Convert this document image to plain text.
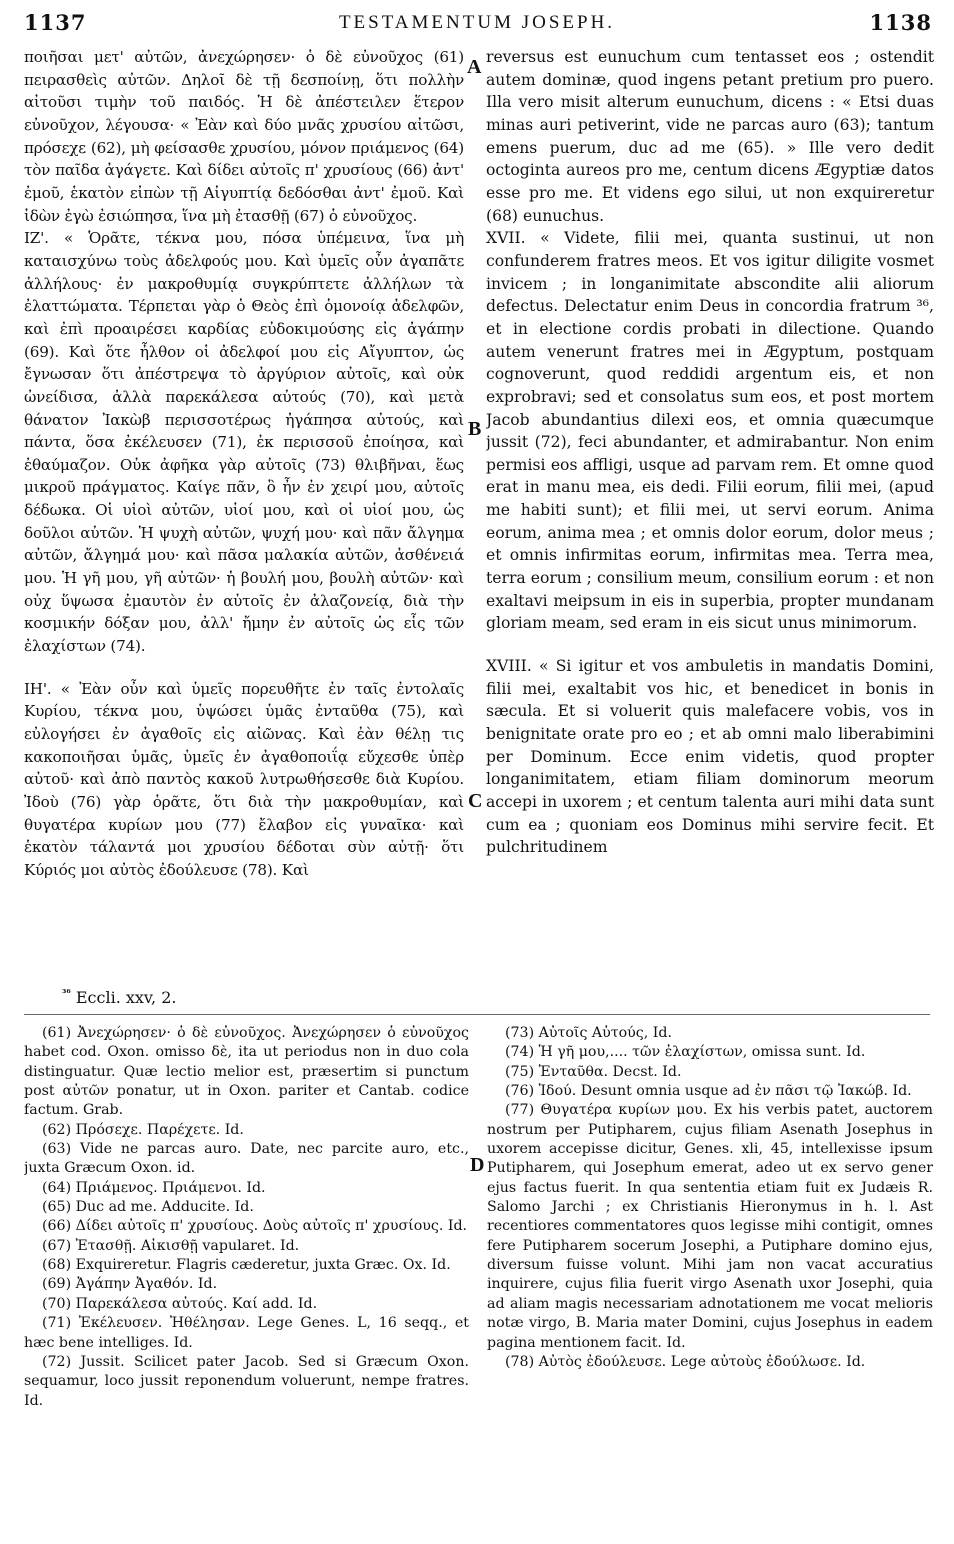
1137	TESTAMENTUM JOSEPH.	1138

ποιῆσαι μετ' αὐτῶν, ἀνεχώρησεν· ὁ δὲ εὐνοῦχος (61) πειρασθεὶς αὐτῶν. Δηλοῖ δὲ τῇ δεσποίνῃ, ὅτι πολλὴν αἰτοῦσι τιμὴν τοῦ παιδός. Ἡ δὲ ἀπέστειλεν ἕτερον εὐνοῦχον, λέγουσα· « Ἐὰν καὶ δύο μνᾶς χρυσίου αἰτῶσι, πρόσεχε (62), μὴ φείσασθε χρυσίου, μόνον πριάμενος (64) τὸν παῖδα ἀγάγετε. Καὶ δίδει αὐτοῖς π' χρυσίους (66) ἀντ' ἐμοῦ, ἑκατὸν εἰπὼν τῇ Αἰγυπτίᾳ δεδόσθαι ἀντ' ἐμοῦ. Καὶ ἰδὼν ἐγὼ ἐσιώπησα, ἵνα μὴ ἐτασθῇ (67) ὁ εὐνοῦχος.

ΙΖ'. « Ὁρᾶτε, τέκνα μου, πόσα ὑπέμεινα, ἵνα μὴ καταισχύνω τοὺς ἀδελφούς μου. Καὶ ὑμεῖς οὖν ἀγαπᾶτε ἀλλήλους· ἐν μακροθυμίᾳ συγκρύπτετε ἀλλήλων τὰ ἐλαττώματα. Τέρπεται γὰρ ὁ Θεὸς ἐπὶ ὁμονοίᾳ ἀδελφῶν, καὶ ἐπὶ προαιρέσει καρδίας εὐδοκιμούσης εἰς ἀγάπην (69). Καὶ ὅτε ἦλθον οἱ ἀδελφοί μου εἰς Αἴγυπτον, ὡς ἔγνωσαν ὅτι ἀπέστρεψα τὸ ἀργύριον αὐτοῖς, καὶ οὐκ ὠνείδισα, ἀλλὰ παρεκάλεσα αὐτούς (70), καὶ μετὰ θάνατον Ἰακὼβ περισσοτέρως ἠγάπησα αὐτούς, καὶ πάντα, ὅσα ἐκέλευσεν (71), ἐκ περισσοῦ ἐποίησα, καὶ ἐθαύμαζον. Οὐκ ἀφῆκα γὰρ αὐτοῖς (73) θλιβῆναι, ἕως μικροῦ πράγματος. Καίγε πᾶν, ὃ ἦν ἐν χειρί μου, αὐτοῖς δέδωκα. Οἱ υἱοὶ αὐτῶν, υἱοί μου, καὶ οἱ υἱοί μου, ὡς δοῦλοι αὐτῶν. Ἡ ψυχὴ αὐτῶν, ψυχή μου· καὶ πᾶν ἄλγημα αὐτῶν, ἄλγημά μου· καὶ πᾶσα μαλακία αὐτῶν, ἀσθένειά μου. Ἡ γῆ μου, γῆ αὐτῶν· ἡ βουλή μου, βουλὴ αὐτῶν· καὶ οὐχ ὕψωσα ἐμαυτὸν ἐν αὐτοῖς ἐν ἀλαζονείᾳ, διὰ τὴν κοσμικήν δόξαν μου, ἀλλ' ἤμην ἐν αὐτοῖς ὡς εἷς τῶν ἐλαχίστων (74).

ΙΗ'. « Ἐὰν οὖν καὶ ὑμεῖς πορευθῆτε ἐν ταῖς ἐντολαῖς Κυρίου, τέκνα μου, ὑψώσει ὑμᾶς ἐνταῦθα (75), καὶ εὐλογήσει ἐν ἀγαθοῖς εἰς αἰῶνας. Καὶ ἐὰν θέλῃ τις κακοποιῆσαι ὑμᾶς, ὑμεῖς ἐν ἀγαθοποιΐᾳ εὔχεσθε ὑπὲρ αὐτοῦ· καὶ ἀπὸ παντὸς κακοῦ λυτρωθήσεσθε διὰ Κυρίου. Ἰδοὺ (76) γὰρ ὁρᾶτε, ὅτι διὰ τὴν μακροθυμίαν, καὶ θυγατέρα κυρίων μου (77) ἔλαβον εἰς γυναῖκα· καὶ ἑκατὸν τάλαντά μοι χρυσίου δέδοται σὺν αὐτῇ· ὅτι Κύριός μοι αὐτὸς ἐδούλευσε (78). Καὶ

reversus est eunuchum cum tentasset eos ; ostendit autem dominæ, quod ingens petant pretium pro puero. Illa vero misit alterum eunuchum, dicens : « Etsi duas minas auri petiverint, vide ne parcas auro (63); tantum emens puerum, duc ad me (65). » Ille vero dedit octoginta aureos pro me, centum dicens Ægyptiæ datos esse pro me. Et videns ego silui, ut non exquireretur (68) eunuchus.

XVII. « Videte, filii mei, quanta sustinui, ut non confunderem fratres meos. Et vos igitur diligite vosmet invicem ; in longanimitate abscondite alii aliorum defectus. Delectatur enim Deus in concordia fratrum ³⁶, et in electione cordis probati in dilectione. Quando autem venerunt fratres mei in Ægyptum, postquam cognoverunt, quod reddidi argentum eis, et non exprobravi; sed et consolatus sum eos, et post mortem Jacob abundantius dilexi eos, et omnia quæcumque jussit (72), feci abundanter, et admirabantur. Non enim permisi eos affligi, usque ad parvam rem. Et omne quod erat in manu mea, eis dedi. Filii eorum, filii mei, (apud me habiti sunt); et filii mei, ut servi eorum. Anima eorum, anima mea ; et omnis dolor eorum, dolor meus ; et omnis infirmitas eorum, infirmitas mea. Terra mea, terra eorum ; consilium meum, consilium eorum : et non exaltavi meipsum in eis in superbia, propter mundanam gloriam meam, sed eram in eis sicut unus minimorum.

XVIII. « Si igitur et vos ambuletis in mandatis Domini, filii mei, exaltabit vos hic, et benedicet in bonis in sæcula. Et si voluerit quis malefacere vobis, vos in benignitate orate pro eo ; et ab omni malo liberabimini per Dominum. Ecce enim videtis, quod propter longanimitatem, etiam filiam dominorum meorum accepi in uxorem ; et centum talenta auri mihi data sunt cum ea ; quoniam eos Dominus mihi servire fecit. Et pulchritudinem

A
B
C
D
$^{^{36}}$ Eccli. xxv, 2.

(61) Ἀνεχώρησεν· ὁ δὲ εὐνοῦχος. Ἀνεχώρησεν ὁ εὐνοῦχος habet cod. Oxon. omisso δὲ, ita ut periodus non in duo cola distinguatur. Quæ lectio melior est, præsertim si punctum post αὐτῶν ponatur, ut in Oxon. pariter et Cantab. codice factum. Grab.

(62) Πρόσεχε. Παρέχετε. Id.

(63) Vide ne parcas auro. Date, nec parcite auro, etc., juxta Græcum Oxon. id.

(64) Πριάμενος. Πριάμενοι. Id.

(65) Duc ad me. Adducite. Id.

(66) Δίδει αὐτοῖς π' χρυσίους. Δοὺς αὐτοῖς π' χρυσίους. Id.

(67) Ἐτασθῇ. Αἰκισθῇ vapularet. Id.

(68) Exquireretur. Flagris cæderetur, juxta Græc. Ox. Id.

(69) Ἀγάπην Ἀγαθόν. Id.

(70) Παρεκάλεσα αὐτούς. Καί add. Id.

(71) Ἐκέλευσεν. Ἠθέλησαν. Lege Genes. L, 16 seqq., et hæc bene intelliges. Id.

(72) Jussit. Scilicet pater Jacob. Sed si Græcum Oxon. sequamur, loco jussit reponendum voluerunt, nempe fratres. Id.

(73) Αὐτοῖς Αὐτούς, Id.

(74) Ἡ γῆ μου,.... τῶν ἐλαχίστων, omissa sunt. Id.

(75) Ἐνταῦθα. Decst. Id.

(76) Ἰδού. Desunt omnia usque ad ἐν πᾶσι τῷ Ἰακώβ. Id.

(77) Θυγατέρα κυρίων μου. Ex his verbis patet, auctorem nostrum per Putipharem, cujus filiam Asenath Josephus in uxorem accepisse dicitur, Genes. xli, 45, intellexisse ipsum Putipharem, qui Josephum emerat, adeo ut ex servo gener ejus factus fuerit. In qua sententia etiam fuit ex Judæis R. Salomo Jarchi ; ex Christianis Hieronymus in h. l. Ast recentiores commentatores quos legisse mihi contigit, omnes fere Putipharem socerum Josephi, a Putiphare domino ejus, diversum fuisse volunt. Mihi jam non vacat accuratius inquirere, cujus filia fuerit virgo Asenath uxor Josephi, quia ad aliam magis necessariam adnotationem me vocat melioris notæ virgo, B. Maria mater Domini, cujus Josephus in eadem pagina mentionem facit. Id.

(78) Αὐτὸς ἐδούλευσε. Lege αὐτοὺς ἐδούλωσε. Id.
